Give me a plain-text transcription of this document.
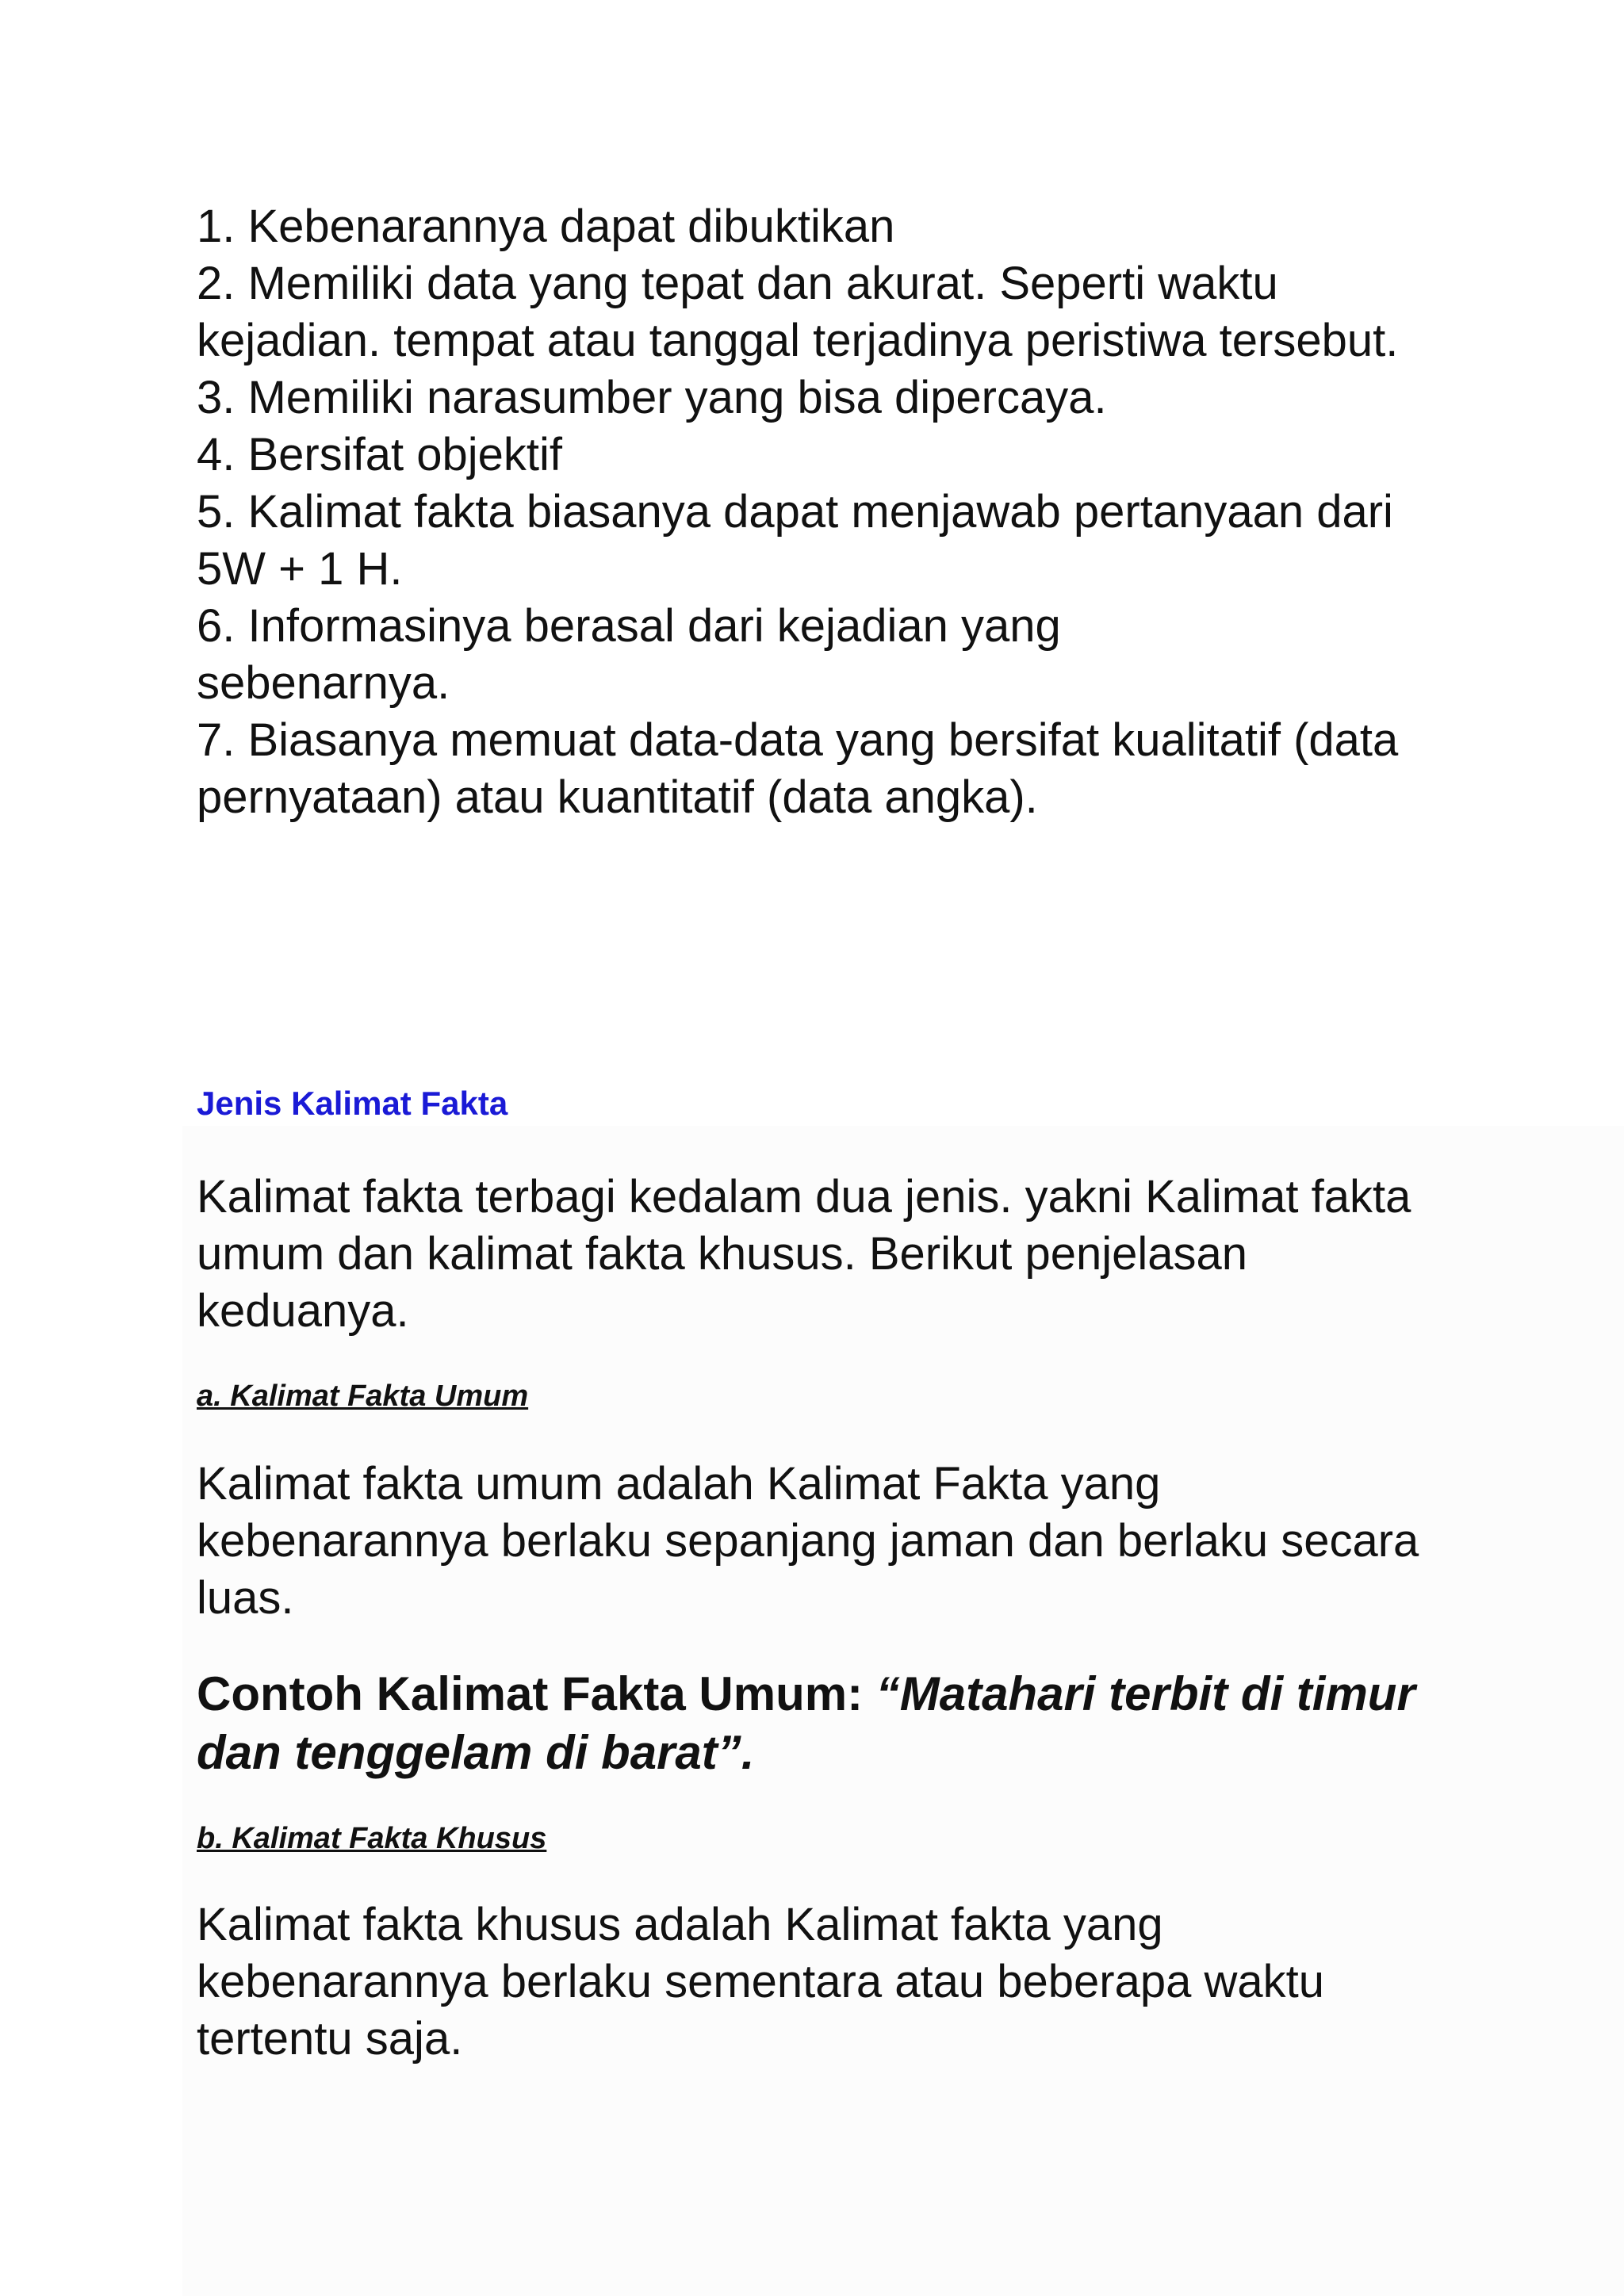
1. Kebenarannya dapat dibuktikan
2. Memiliki data yang tepat dan akurat. Seperti waktu kejadian. tempat atau tanggal terjadinya peristiwa tersebut.
3. Memiliki narasumber yang bisa dipercaya.
4. Bersifat objektif
5. Kalimat fakta biasanya dapat menjawab pertanyaan dari 5W + 1 H.
6. Informasinya berasal dari kejadian yang sebenarnya.
7. Biasanya memuat data-data yang bersifat kualitatif (data pernyataan) atau kuantitatif (data angka).
Jenis Kalimat Fakta

Kalimat fakta terbagi kedalam dua jenis. yakni Kalimat fakta umum dan kalimat fakta khusus. Berikut penjelasan keduanya.

a. Kalimat Fakta Umum

Kalimat fakta umum adalah Kalimat Fakta yang kebenarannya berlaku sepanjang jaman dan berlaku secara luas.

Contoh Kalimat Fakta Umum: “Matahari terbit di timur dan tenggelam di barat”.

b. Kalimat Fakta Khusus

Kalimat fakta khusus adalah Kalimat fakta yang kebenarannya berlaku sementara atau beberapa waktu tertentu saja.
